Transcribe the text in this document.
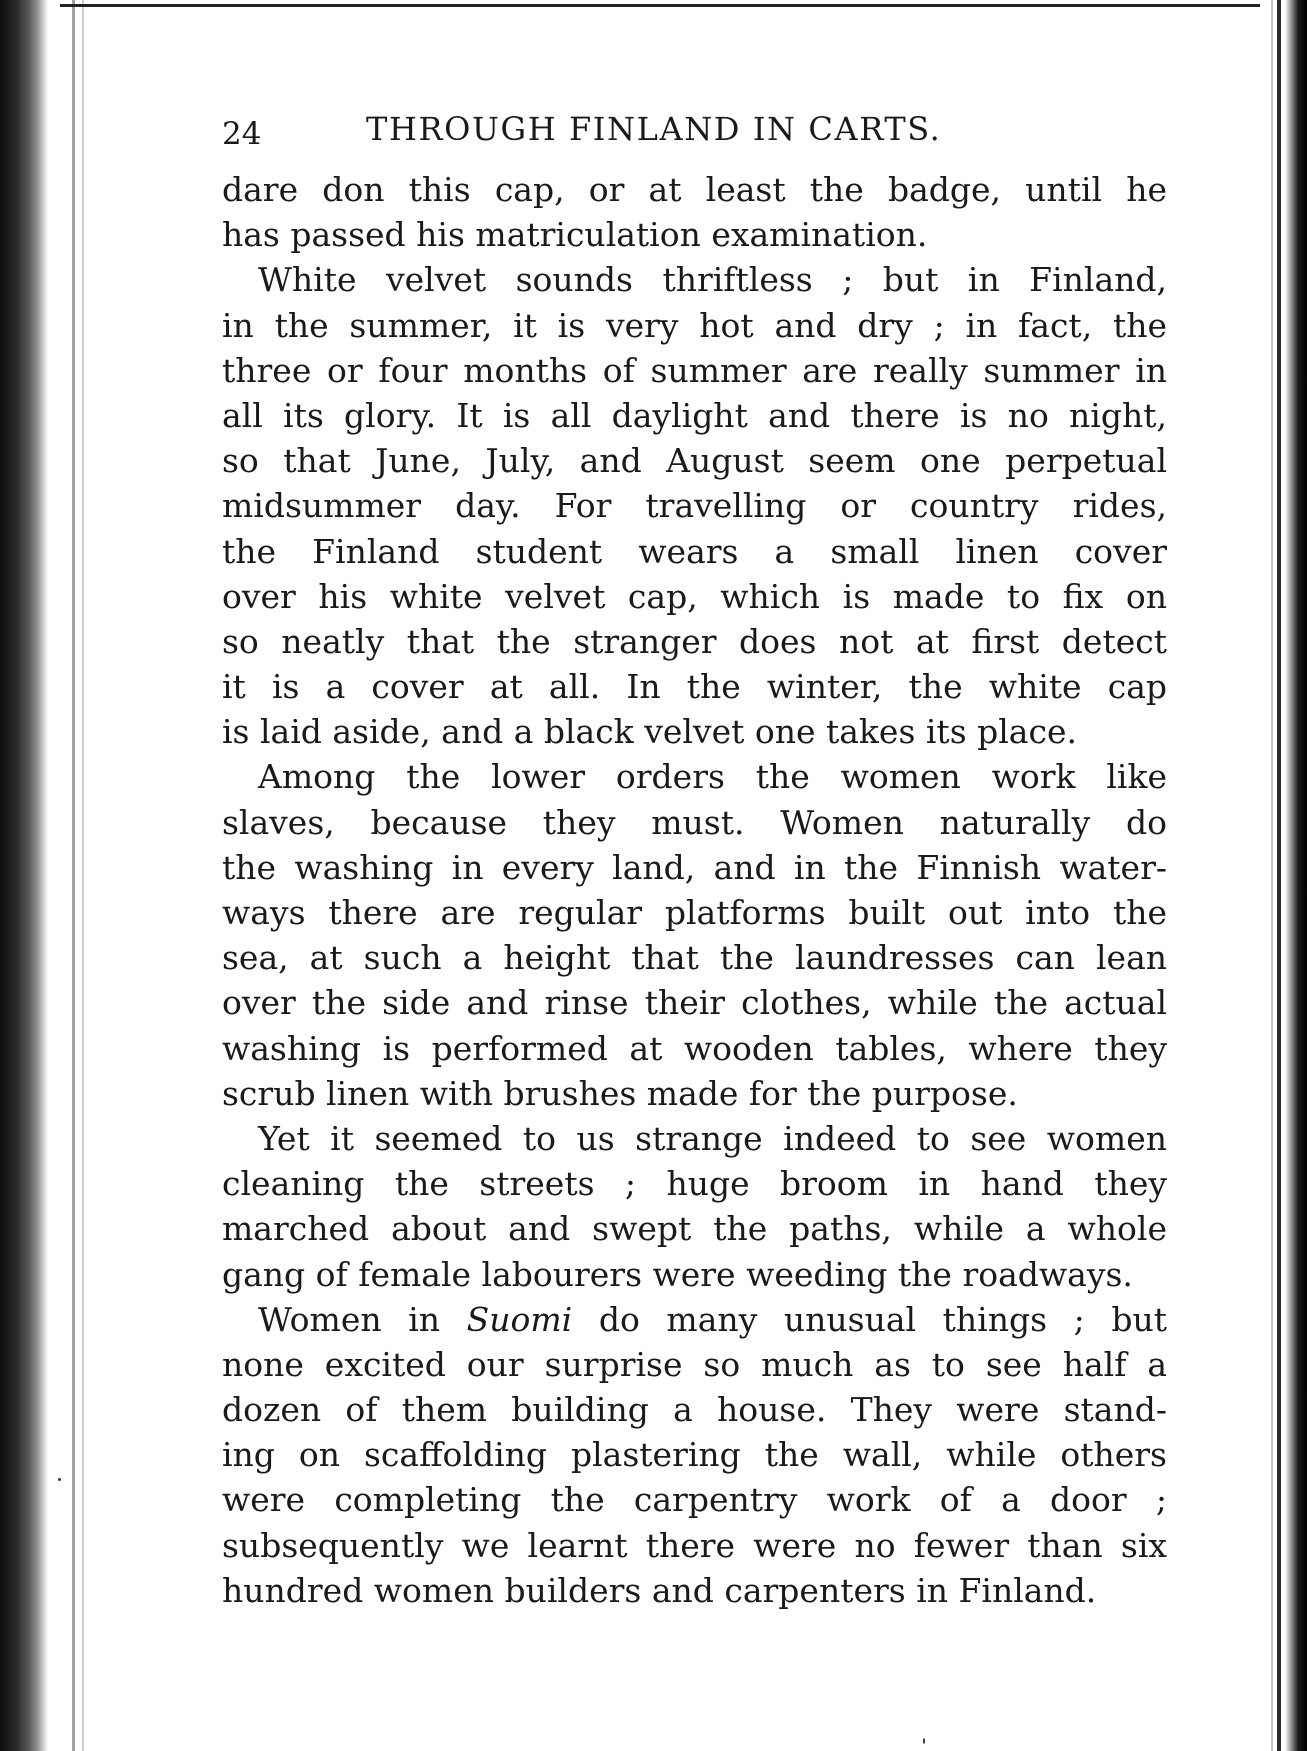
24	THROUGH FINLAND IN CARTS.

dare don this cap, or at least the badge, until he
has passed his matriculation examination.

White velvet sounds thriftless ; but in Finland,
in the summer, it is very hot and dry ; in fact, the
three or four months of summer are really summer in
all its glory. It is all daylight and there is no night,
so that June, July, and August seem one perpetual
midsummer day. For travelling or country rides,
the Finland student wears a small linen cover
over his white velvet cap, which is made to fix on
so neatly that the stranger does not at first detect
it is a cover at all. In the winter, the white cap
is laid aside, and a black velvet one takes its place.

Among the lower orders the women work like
slaves, because they must. Women naturally do
the washing in every land, and in the Finnish water-
ways there are regular platforms built out into the
sea, at such a height that the laundresses can lean
over the side and rinse their clothes, while the actual
washing is performed at wooden tables, where they
scrub linen with brushes made for the purpose.

Yet it seemed to us strange indeed to see women
cleaning the streets ; huge broom in hand they
marched about and swept the paths, while a whole
gang of female labourers were weeding the roadways.

Women in Suomi do many unusual things ; but
none excited our surprise so much as to see half a
dozen of them building a house. They were stand-
ing on scaffolding plastering the wall, while others
were completing the carpentry work of a door ;
subsequently we learnt there were no fewer than six
hundred women builders and carpenters in Finland.
